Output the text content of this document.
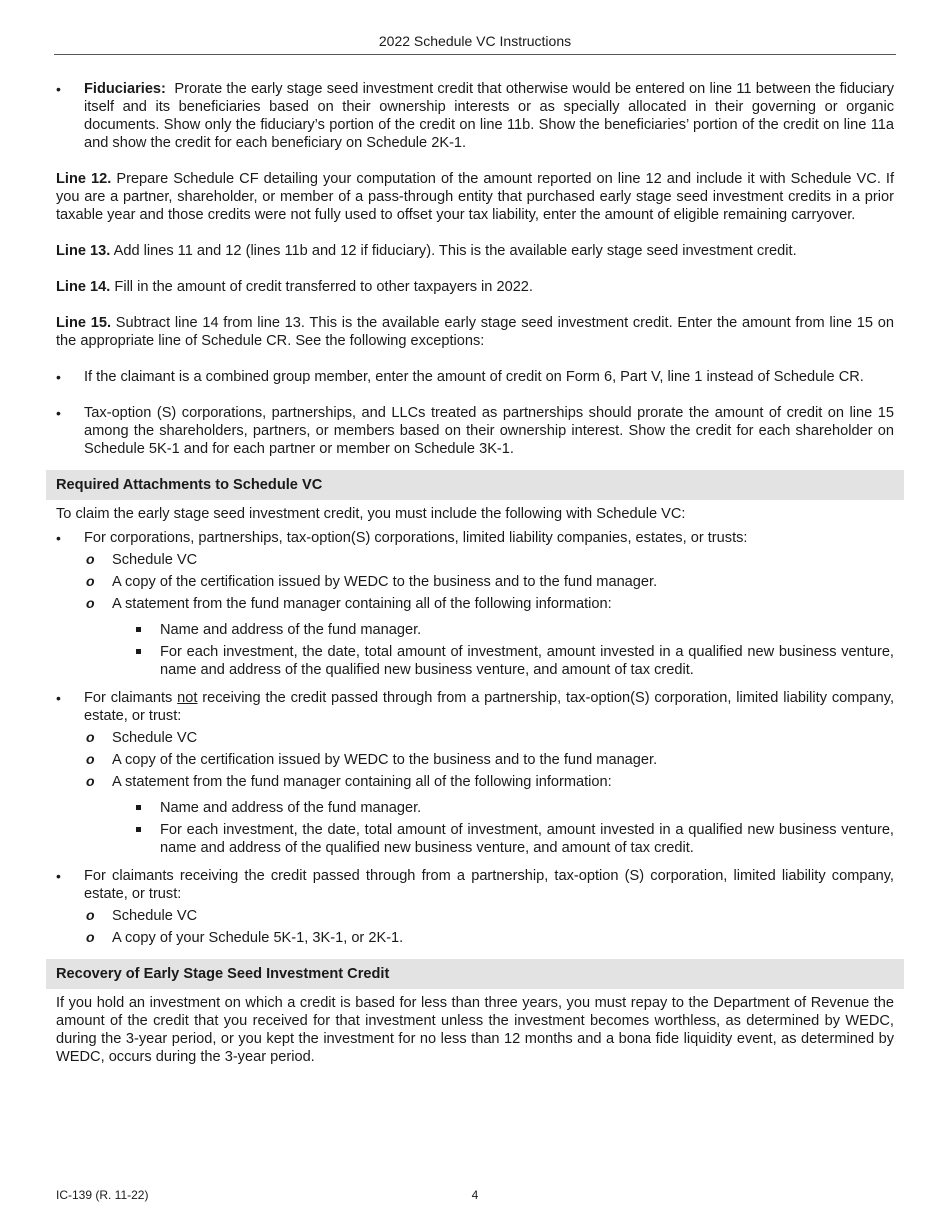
2022 Schedule VC Instructions
• Fiduciaries: Prorate the early stage seed investment credit that otherwise would be entered on line 11 between the fiduciary itself and its beneficiaries based on their ownership interests or as specially allocated in their governing or organic documents. Show only the fiduciary’s portion of the credit on line 11b. Show the beneficiaries’ portion of the credit on line 11a and show the credit for each beneficiary on Schedule 2K-1.

Line 12. Prepare Schedule CF detailing your computation of the amount reported on line 12 and include it with Schedule VC. If you are a partner, shareholder, or member of a pass-through entity that purchased early stage seed investment credits in a prior taxable year and those credits were not fully used to offset your tax liability, enter the amount of eligible remaining carryover.

Line 13. Add lines 11 and 12 (lines 11b and 12 if fiduciary). This is the available early stage seed investment credit.

Line 14. Fill in the amount of credit transferred to other taxpayers in 2022.

Line 15. Subtract line 14 from line 13. This is the available early stage seed investment credit. Enter the amount from line 15 on the appropriate line of Schedule CR. See the following exceptions:

• If the claimant is a combined group member, enter the amount of credit on Form 6, Part V, line 1 instead of Schedule CR.
• Tax-option (S) corporations, partnerships, and LLCs treated as partnerships should prorate the amount of credit on line 15 among the shareholders, partners, or members based on their ownership interest. Show the credit for each shareholder on Schedule 5K-1 and for each partner or member on Schedule 3K-1.
Required Attachments to Schedule VC

To claim the early stage seed investment credit, you must include the following with Schedule VC:

• For corporations, partnerships, tax-option(S) corporations, limited liability companies, estates, or trusts:
o Schedule VC
o A copy of the certification issued by WEDC to the business and to the fund manager.
o A statement from the fund manager containing all of the following information:
Name and address of the fund manager.
For each investment, the date, total amount of investment, amount invested in a qualified new business venture, name and address of the qualified new business venture, and amount of tax credit.
• For claimants not receiving the credit passed through from a partnership, tax-option(S) corporation, limited liability company, estate, or trust:
o Schedule VC
o A copy of the certification issued by WEDC to the business and to the fund manager.
o A statement from the fund manager containing all of the following information:
Name and address of the fund manager.
For each investment, the date, total amount of investment, amount invested in a qualified new business venture, name and address of the qualified new business venture, and amount of tax credit.
• For claimants receiving the credit passed through from a partnership, tax-option (S) corporation, limited liability company, estate, or trust:
o Schedule VC
o A copy of your Schedule 5K-1, 3K-1, or 2K-1.
Recovery of Early Stage Seed Investment Credit

If you hold an investment on which a credit is based for less than three years, you must repay to the Department of Revenue the amount of the credit that you received for that investment unless the investment becomes worthless, as determined by WEDC, during the 3-year period, or you kept the investment for no less than 12 months and a bona fide liquidity event, as determined by WEDC, occurs during the 3-year period.

IC-139 (R. 11-22)	4
